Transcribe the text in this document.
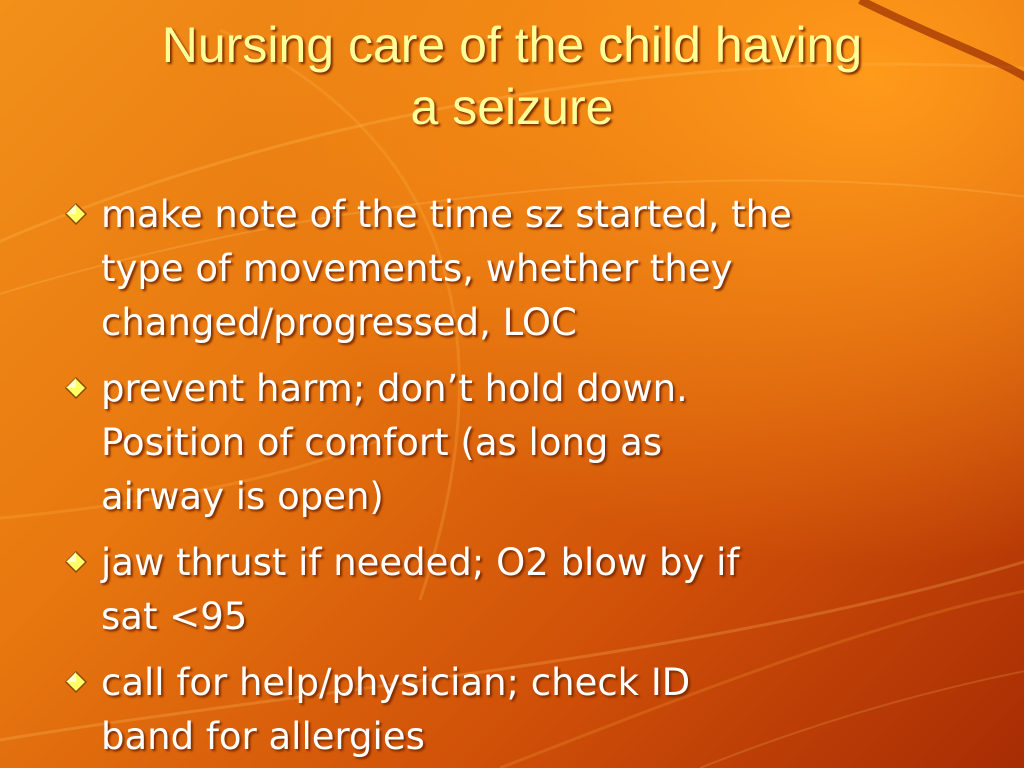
Nursing care of the child having
a seizure
make note of the time sz started, the
type of movements, whether they
changed/progressed, LOC
prevent harm; don’t hold down.
Position of comfort (as long as
airway is open)
jaw thrust if needed; O2 blow by if
sat <95
call for help/physician; check ID
band for allergies
